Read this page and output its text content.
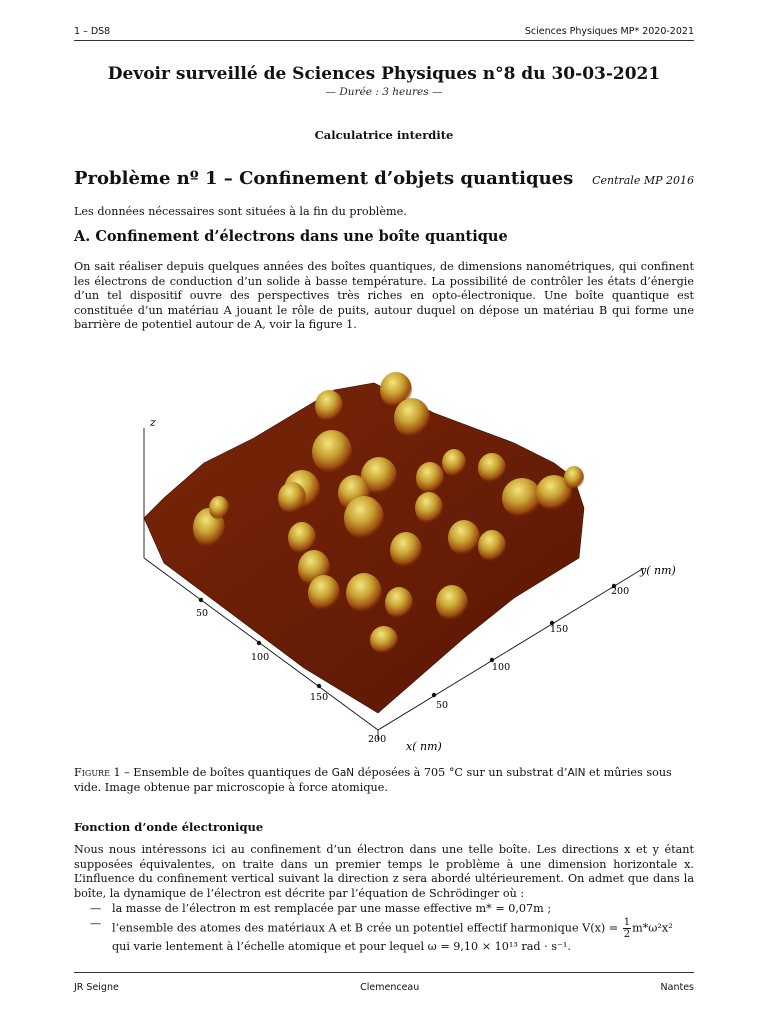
1 – DS8	Sciences Physiques MP* 2020-2021
Devoir surveillé de Sciences Physiques n°8 du 30-03-2021
— Durée : 3 heures —
Calculatrice interdite
Problème nº 1 – Confinement d’objets quantiques Centrale MP 2016
Les données nécessaires sont situées à la fin du problème.
A. Confinement d’électrons dans une boîte quantique
On sait réaliser depuis quelques années des boîtes quantiques, de dimensions nanométriques, qui confinent les électrons de conduction d’un solide à basse température. La possibilité de contrôler les états d’énergie d’un tel dispositif ouvre des perspectives très riches en opto-électronique. Une boîte quantique est constituée d’un matériau A jouant le rôle de puits, autour duquel on dépose un matériau B qui forme une barrière de potentiel autour de A, voir la figure 1.
z
x( nm)
y( nm)
50
100
150
200
50
100
150
200
Figure 1 – Ensemble de boîtes quantiques de GaN déposées à 705 °C sur un substrat d’AlN et mûries sous vide. Image obtenue par microscopie à force atomique.
Fonction d’onde électronique
Nous nous intéressons ici au confinement d’un électron dans une telle boîte. Les directions x et y étant supposées équivalentes, on traite dans un premier temps le problème à une dimension horizontale x. L’influence du confinement vertical suivant la direction z sera abordé ultérieurement. On admet que dans la boîte, la dynamique de l’électron est décrite par l’équation de Schrödinger où :
— la masse de l’électron m est remplacée par une masse effective m* = 0,07m ;
— l’ensemble des atomes des matériaux A et B crée un potentiel effectif harmonique $V(x) = \frac{1}{2} m*\omega^2x^2$ qui varie lentement à l’échelle atomique et pour lequel ω = 9,10 × 10¹³ rad · s⁻¹.
JR Seigne	Clemenceau	Nantes
